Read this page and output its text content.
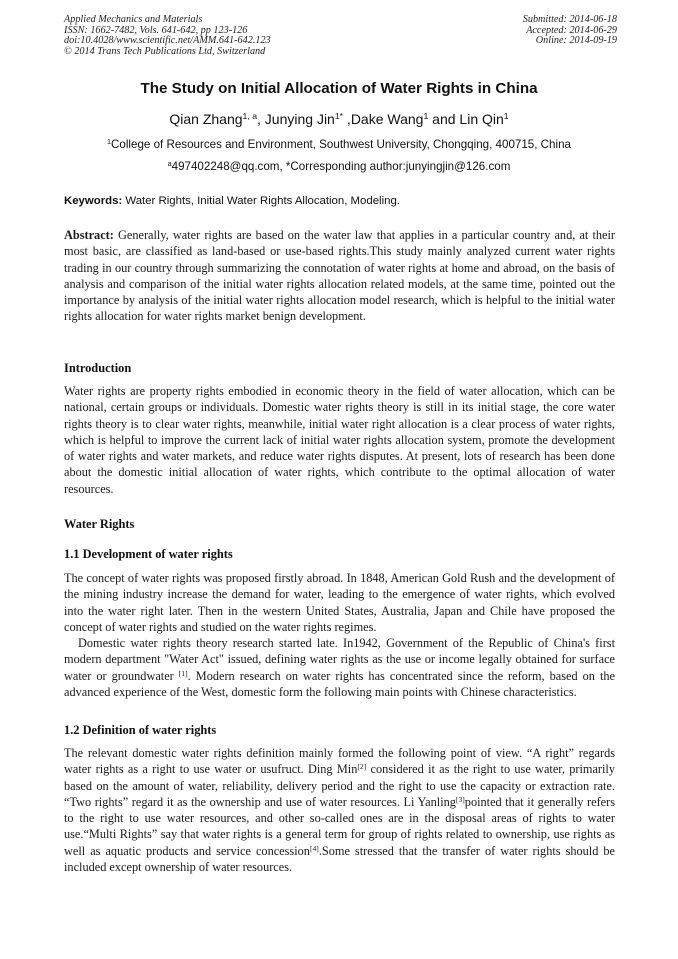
Applied Mechanics and Materials
ISSN: 1662-7482, Vols. 641-642, pp 123-126
doi:10.4028/www.scientific.net/AMM.641-642.123
© 2014 Trans Tech Publications Ltd, Switzerland
Submitted: 2014-06-18
Accepted: 2014-06-29
Online: 2014-09-19
The Study on Initial Allocation of Water Rights in China
Qian Zhang$^{1, a}$, Junying Jin$^{1*}$ ,Dake Wang$^1$ and Lin Qin$^1$
$^1$College of Resources and Environment, Southwest University, Chongqing, 400715, China
$^a$497402248@qq.com, *Corresponding author:junyingjin@126.com
Keywords: Water Rights, Initial Water Rights Allocation, Modeling.

Abstract: Generally, water rights are based on the water law that applies in a particular country and, at their most basic, are classified as land-based or use-based rights.This study mainly analyzed current water rights trading in our country through summarizing the connotation of water rights at home and abroad, on the basis of analysis and comparison of the initial water rights allocation related models, at the same time, pointed out the importance by analysis of the initial water rights allocation model research, which is helpful to the initial water rights allocation for water rights market benign development.

Introduction

Water rights are property rights embodied in economic theory in the field of water allocation, which can be national, certain groups or individuals. Domestic water rights theory is still in its initial stage, the core water rights theory is to clear water rights, meanwhile, initial water right allocation is a clear process of water rights, which is helpful to improve the current lack of initial water rights allocation system, promote the development of water rights and water markets, and reduce water rights disputes. At present, lots of research has been done about the domestic initial allocation of water rights, which contribute to the optimal allocation of water resources.

Water Rights
1.1 Development of water rights

The concept of water rights was proposed firstly abroad. In 1848, American Gold Rush and the development of the mining industry increase the demand for water, leading to the emergence of water rights, which evolved into the water right later. Then in the western United States, Australia, Japan and Chile have proposed the concept of water rights and studied on the water rights regimes.

Domestic water rights theory research started late. In1942, Government of the Republic of China's first modern department "Water Act" issued, defining water rights as the use or income legally obtained for surface water or groundwater [1]. Modern research on water rights has concentrated since the reform, based on the advanced experience of the West, domestic form the following main points with Chinese characteristics.

1.2 Definition of water rights

The relevant domestic water rights definition mainly formed the following point of view. “A right” regards water rights as a right to use water or usufruct. Ding Min[2] considered it as the right to use water, primarily based on the amount of water, reliability, delivery period and the right to use the capacity or extraction rate. “Two rights” regard it as the ownership and use of water resources. Li Yanling[3]pointed that it generally refers to the right to use water resources, and other so-called ones are in the disposal areas of rights to water use.“Multi Rights” say that water rights is a general term for group of rights related to ownership, use rights as well as aquatic products and service concession[4].Some stressed that the transfer of water rights should be included except ownership of water resources.
